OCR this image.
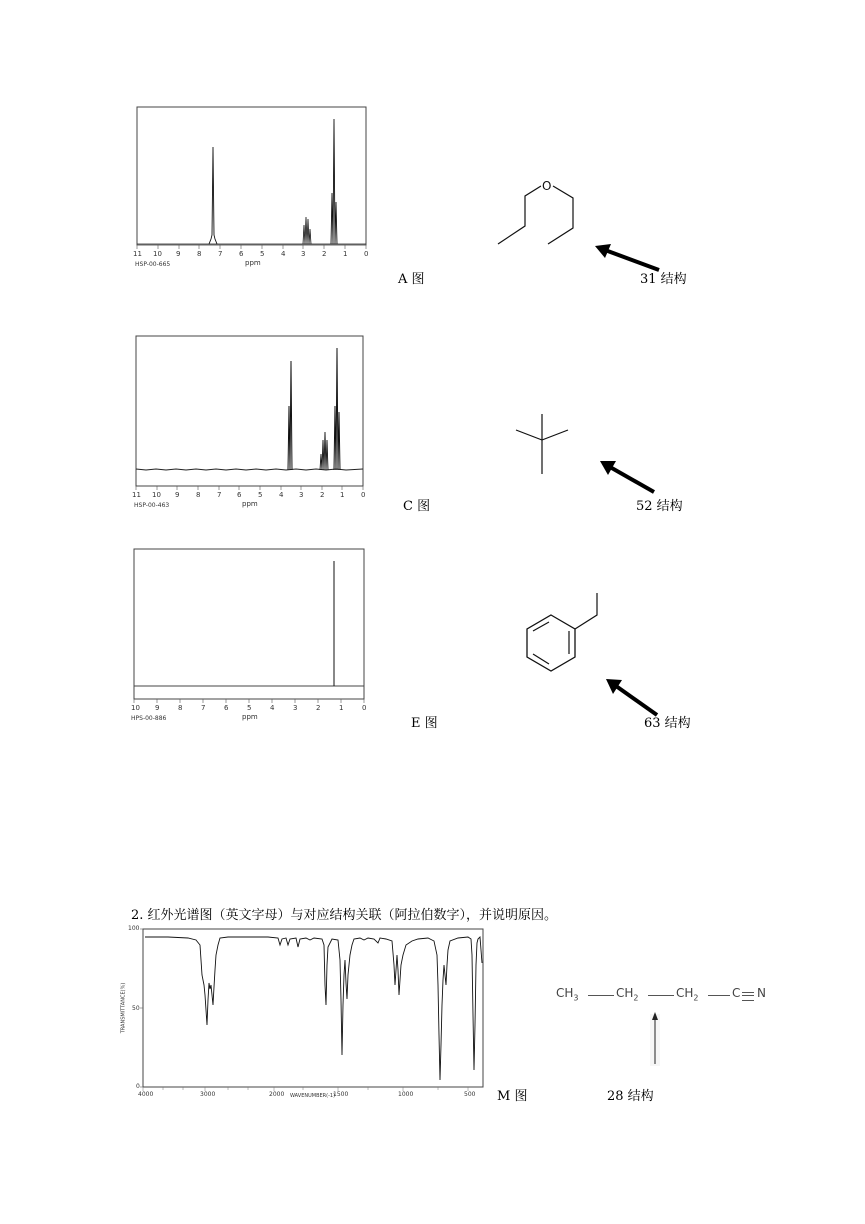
11 10 9 8 7 6 5 4 3 2 1 0
HSP-00-665	ppm
A 图
O
31 结构
11 10 9 8 7 6 5 4 3 2 1 0
HSP-00-463	ppm	C 图	52 结构
10 9	8	7	6	5	4	3	2	1	0
HPS-00-886	ppm	E 图	63 结构
2. 红外光谱图（英文字母）与对应结构关联（阿拉伯数字），并说明原因。
100
50
0
TRANSMITTANCE(%)
4000	3000	2000	1500	1000	500
WAVENUMBER(-1)	M 图
$CH_3$	$CH_2$	$CH_2$	C N
28 结构
